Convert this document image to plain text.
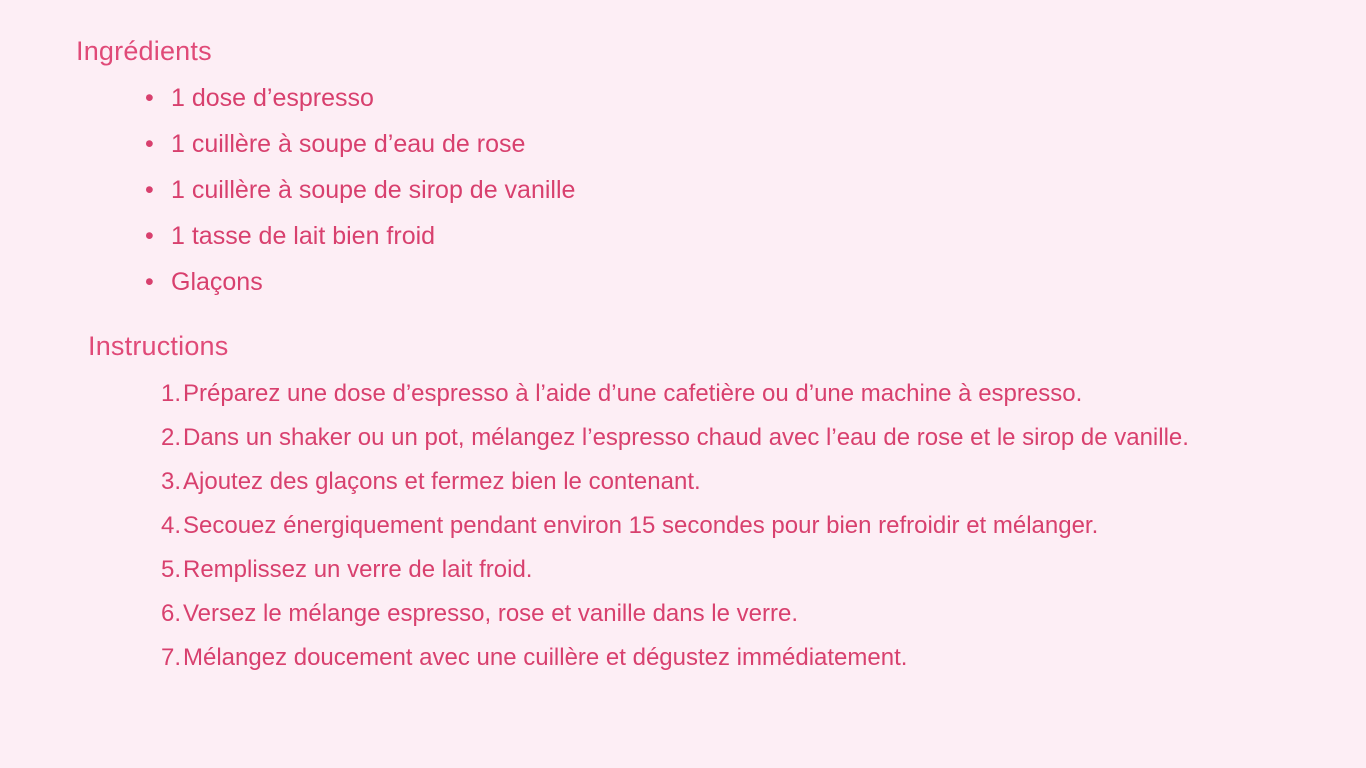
Ingrédients
• 1 dose d’espresso
• 1 cuillère à soupe d’eau de rose
• 1 cuillère à soupe de sirop de vanille
• 1 tasse de lait bien froid
• Glaçons
Instructions
1. Préparez une dose d’espresso à l’aide d’une cafetière ou d’une machine à espresso.
2. Dans un shaker ou un pot, mélangez l’espresso chaud avec l’eau de rose et le sirop de vanille.
3. Ajoutez des glaçons et fermez bien le contenant.
4. Secouez énergiquement pendant environ 15 secondes pour bien refroidir et mélanger.
5. Remplissez un verre de lait froid.
6. Versez le mélange espresso, rose et vanille dans le verre.
7. Mélangez doucement avec une cuillère et dégustez immédiatement.
